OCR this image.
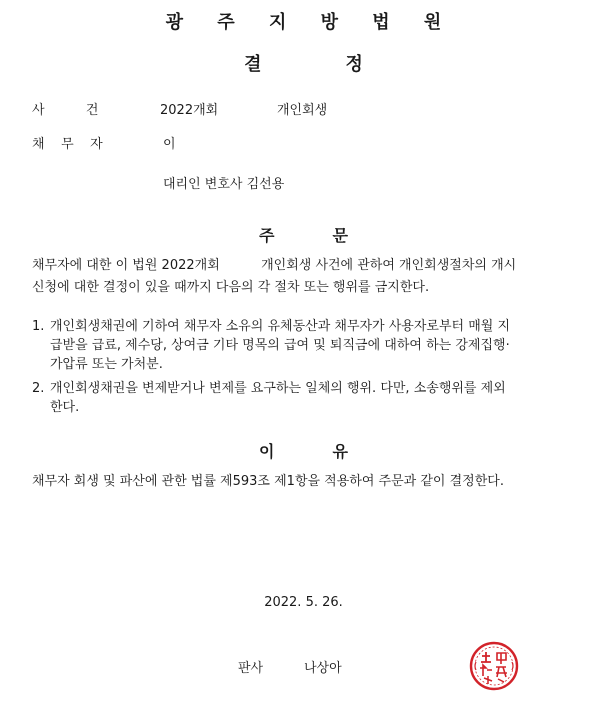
광 주 지 방 법 원
결	정
사          건	2022개회	개인회생
채    무    자	이
대리인 변호사 김선용
주	문
채무자에 대한 이 법원 2022개회          개인회생 사건에 관하여 개인회생절차의 개시
신청에 대한 결정이 있을 때까지 다음의 각 절차 또는 행위를 금지한다.
1. 개인회생채권에 기하여 채무자 소유의 유체동산과 채무자가 사용자로부터 매월 지
급받을 급료, 제수당, 상여금 기타 명목의 급여 및 퇴직금에 대하여 하는 강제집행·
가압류 또는 가처분.
2. 개인회생채권을 변제받거나 변제를 요구하는 일체의 행위. 다만, 소송행위를 제외
한다.
이	유
채무자 회생 및 파산에 관한 법률 제593조 제1항을 적용하여 주문과 같이 결정한다.
2022. 5. 26.
판사	나상아
